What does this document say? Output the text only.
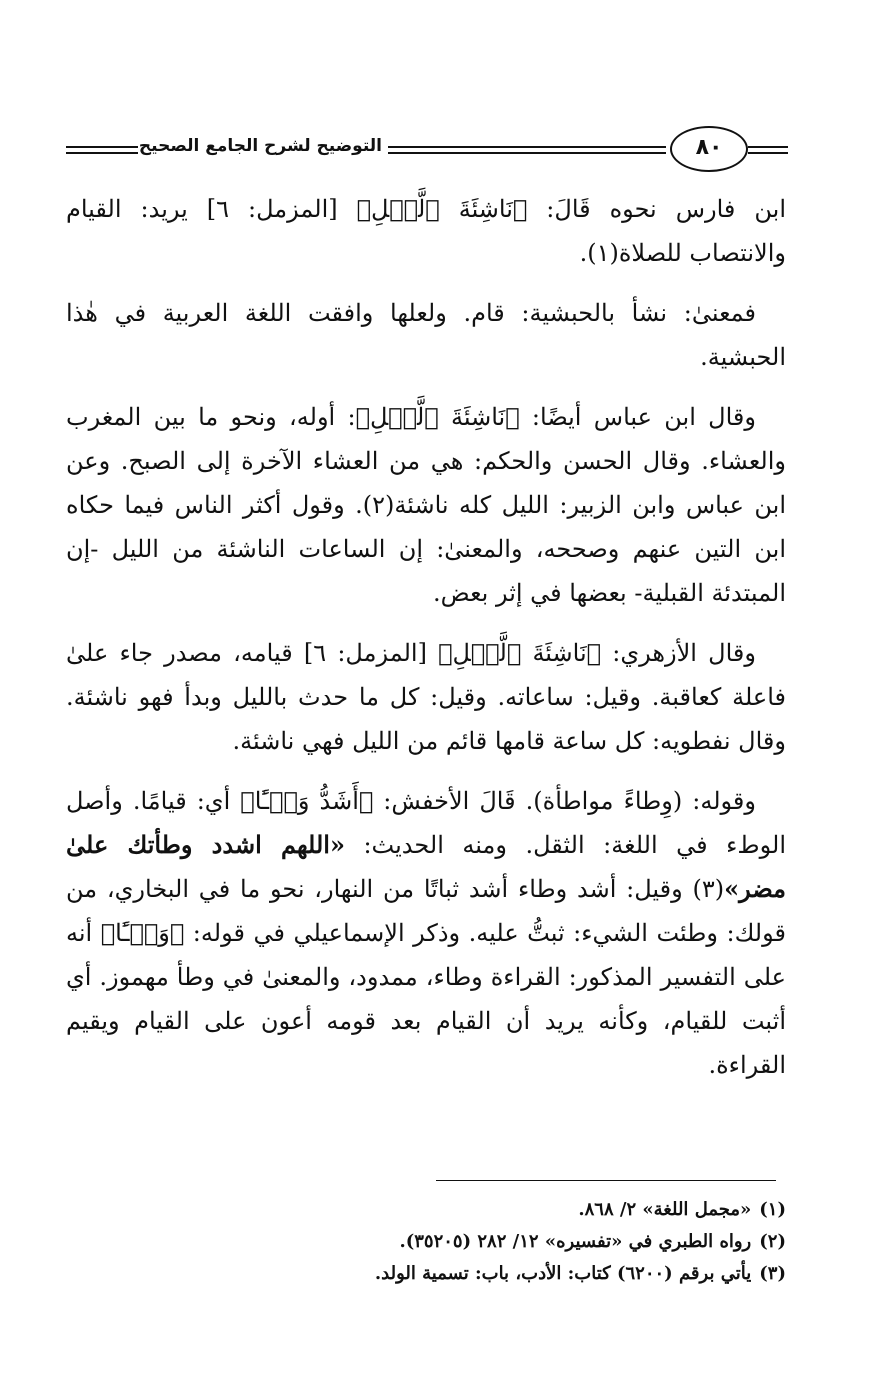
التوضيح لشرح الجامع الصحيح	٨٠

ابن فارس نحوه قَالَ: ﴿نَاشِئَةَ ٱلَّيۡلِ﴾ [المزمل: ٦] يريد: القيام والانتصاب للصلاة(١).

فمعنىٰ: نشأ بالحبشية: قام. ولعلها وافقت اللغة العربية في هٰذا الحبشية.

وقال ابن عباس أيضًا: ﴿نَاشِئَةَ ٱلَّيۡلِ﴾: أوله، ونحو ما بين المغرب والعشاء. وقال الحسن والحكم: هي من العشاء الآخرة إلى الصبح. وعن ابن عباس وابن الزبير: الليل كله ناشئة(٢). وقول أكثر الناس فيما حكاه ابن التين عنهم وصححه، والمعنىٰ: إن الساعات الناشئة من الليل -إن المبتدئة القبلية- بعضها في إثر بعض.

وقال الأزهري: ﴿نَاشِئَةَ ٱلَّيۡلِ﴾ [المزمل: ٦] قيامه، مصدر جاء علىٰ فاعلة كعاقبة. وقيل: ساعاته. وقيل: كل ما حدث بالليل وبدأ فهو ناشئة. وقال نفطويه: كل ساعة قامها قائم من الليل فهي ناشئة.

وقوله: (وِطاءً مواطأة). قَالَ الأخفش: ﴿أَشَدُّ وَطۡـًٔا﴾ أي: قيامًا. وأصل الوطء في اللغة: الثقل. ومنه الحديث: «اللهم اشدد وطأتك علىٰ مضر»(٣) وقيل: أشد وطاء أشد ثباتًا من النهار، نحو ما في البخاري، من قولك: وطئت الشيء: ثبتُّ عليه. وذكر الإسماعيلي في قوله: ﴿وَطۡـًٔا﴾ أنه على التفسير المذكور: القراءة وطاء، ممدود، والمعنىٰ في وطأ مهموز. أي أثبت للقيام، وكأنه يريد أن القيام بعد قومه أعون على القيام ويقيم القراءة.

(١)«مجمل اللغة» ٢/ ٨٦٨.

(٢)رواه الطبري في «تفسيره» ١٢/ ٢٨٢ (٣٥٢٠٥).

(٣)يأتي برقم (٦٢٠٠) كتاب: الأدب، باب: تسمية الولد.
